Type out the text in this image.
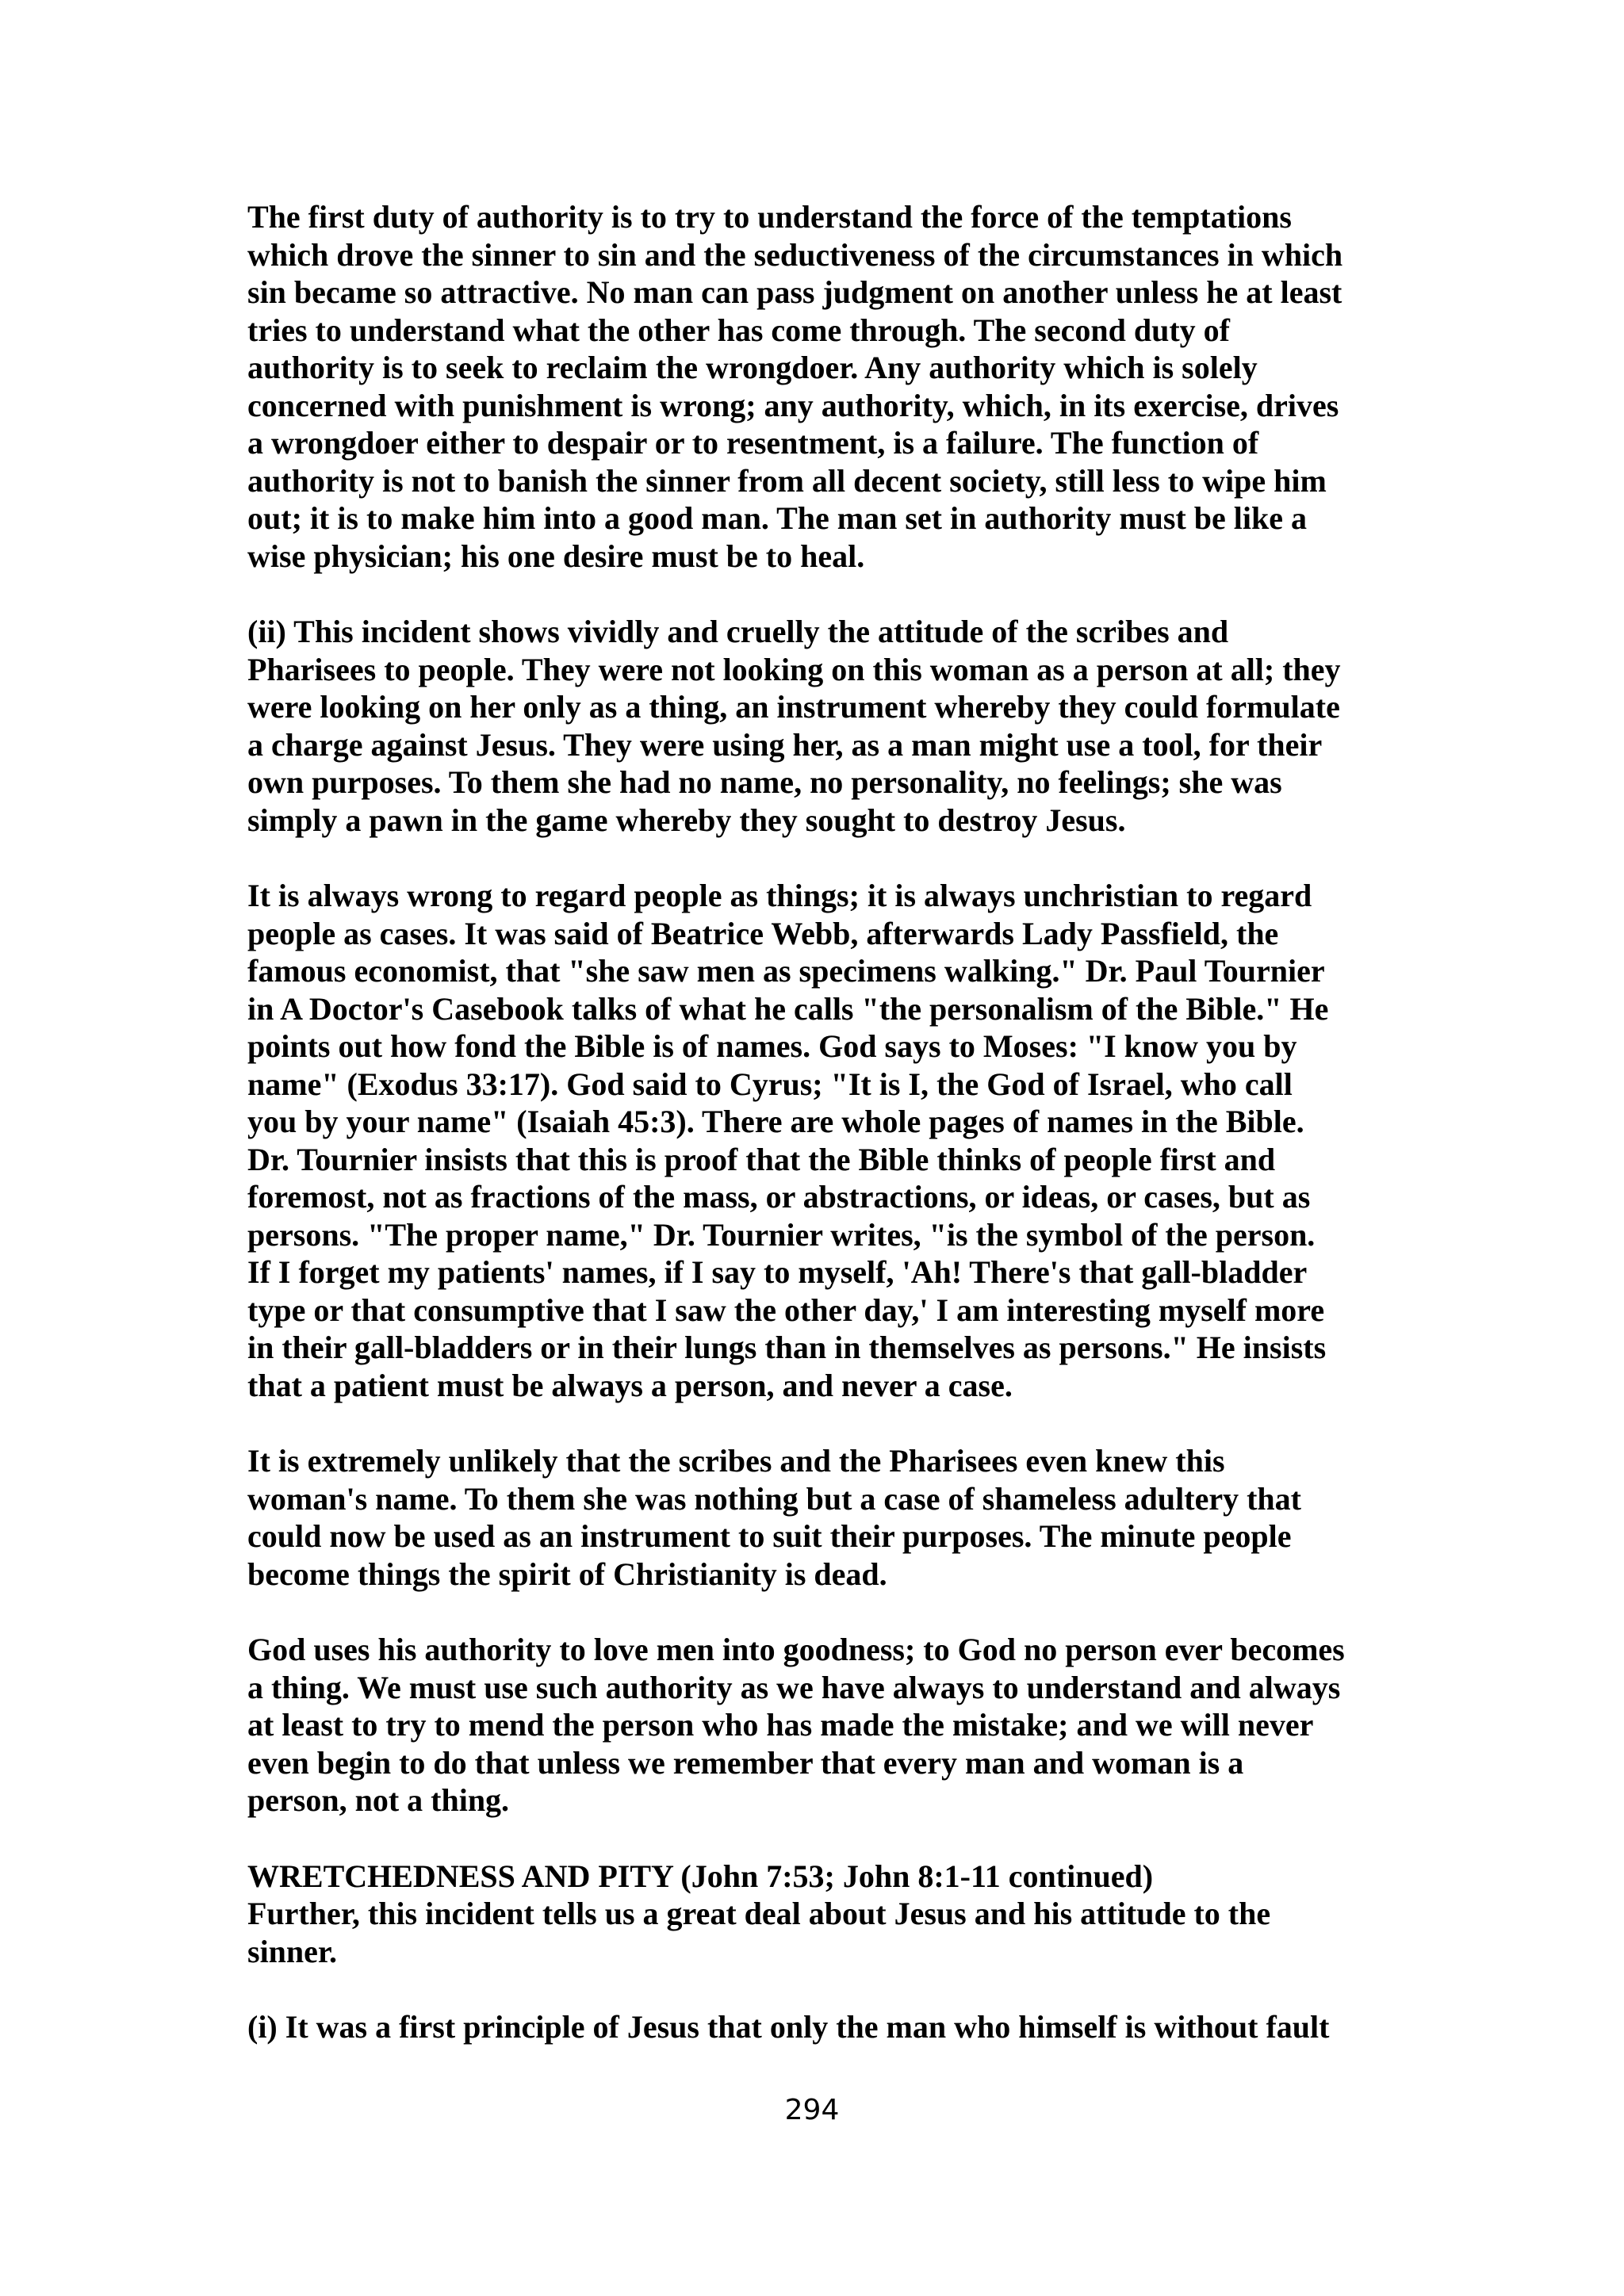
The first duty of authority is to try to understand the force of the temptations
which drove the sinner to sin and the seductiveness of the circumstances in which
sin became so attractive. No man can pass judgment on another unless he at least
tries to understand what the other has come through. The second duty of
authority is to seek to reclaim the wrongdoer. Any authority which is solely
concerned with punishment is wrong; any authority, which, in its exercise, drives
a wrongdoer either to despair or to resentment, is a failure. The function of
authority is not to banish the sinner from all decent society, still less to wipe him
out; it is to make him into a good man. The man set in authority must be like a
wise physician; his one desire must be to heal.

(ii) This incident shows vividly and cruelly the attitude of the scribes and
Pharisees to people. They were not looking on this woman as a person at all; they
were looking on her only as a thing, an instrument whereby they could formulate
a charge against Jesus. They were using her, as a man might use a tool, for their
own purposes. To them she had no name, no personality, no feelings; she was
simply a pawn in the game whereby they sought to destroy Jesus.

It is always wrong to regard people as things; it is always unchristian to regard
people as cases. It was said of Beatrice Webb, afterwards Lady Passfield, the
famous economist, that "she saw men as specimens walking." Dr. Paul Tournier
in A Doctor's Casebook talks of what he calls "the personalism of the Bible." He
points out how fond the Bible is of names. God says to Moses: "I know you by
name" (Exodus 33:17). God said to Cyrus; "It is I, the God of Israel, who call
you by your name" (Isaiah 45:3). There are whole pages of names in the Bible.
Dr. Tournier insists that this is proof that the Bible thinks of people first and
foremost, not as fractions of the mass, or abstractions, or ideas, or cases, but as
persons. "The proper name," Dr. Tournier writes, "is the symbol of the person.
If I forget my patients' names, if I say to myself, 'Ah! There's that gall-bladder
type or that consumptive that I saw the other day,' I am interesting myself more
in their gall-bladders or in their lungs than in themselves as persons." He insists
that a patient must be always a person, and never a case.

It is extremely unlikely that the scribes and the Pharisees even knew this
woman's name. To them she was nothing but a case of shameless adultery that
could now be used as an instrument to suit their purposes. The minute people
become things the spirit of Christianity is dead.

God uses his authority to love men into goodness; to God no person ever becomes
a thing. We must use such authority as we have always to understand and always
at least to try to mend the person who has made the mistake; and we will never
even begin to do that unless we remember that every man and woman is a
person, not a thing.

WRETCHEDNESS AND PITY (John 7:53; John 8:1-11 continued)

Further, this incident tells us a great deal about Jesus and his attitude to the
sinner.

(i) It was a first principle of Jesus that only the man who himself is without fault

294
